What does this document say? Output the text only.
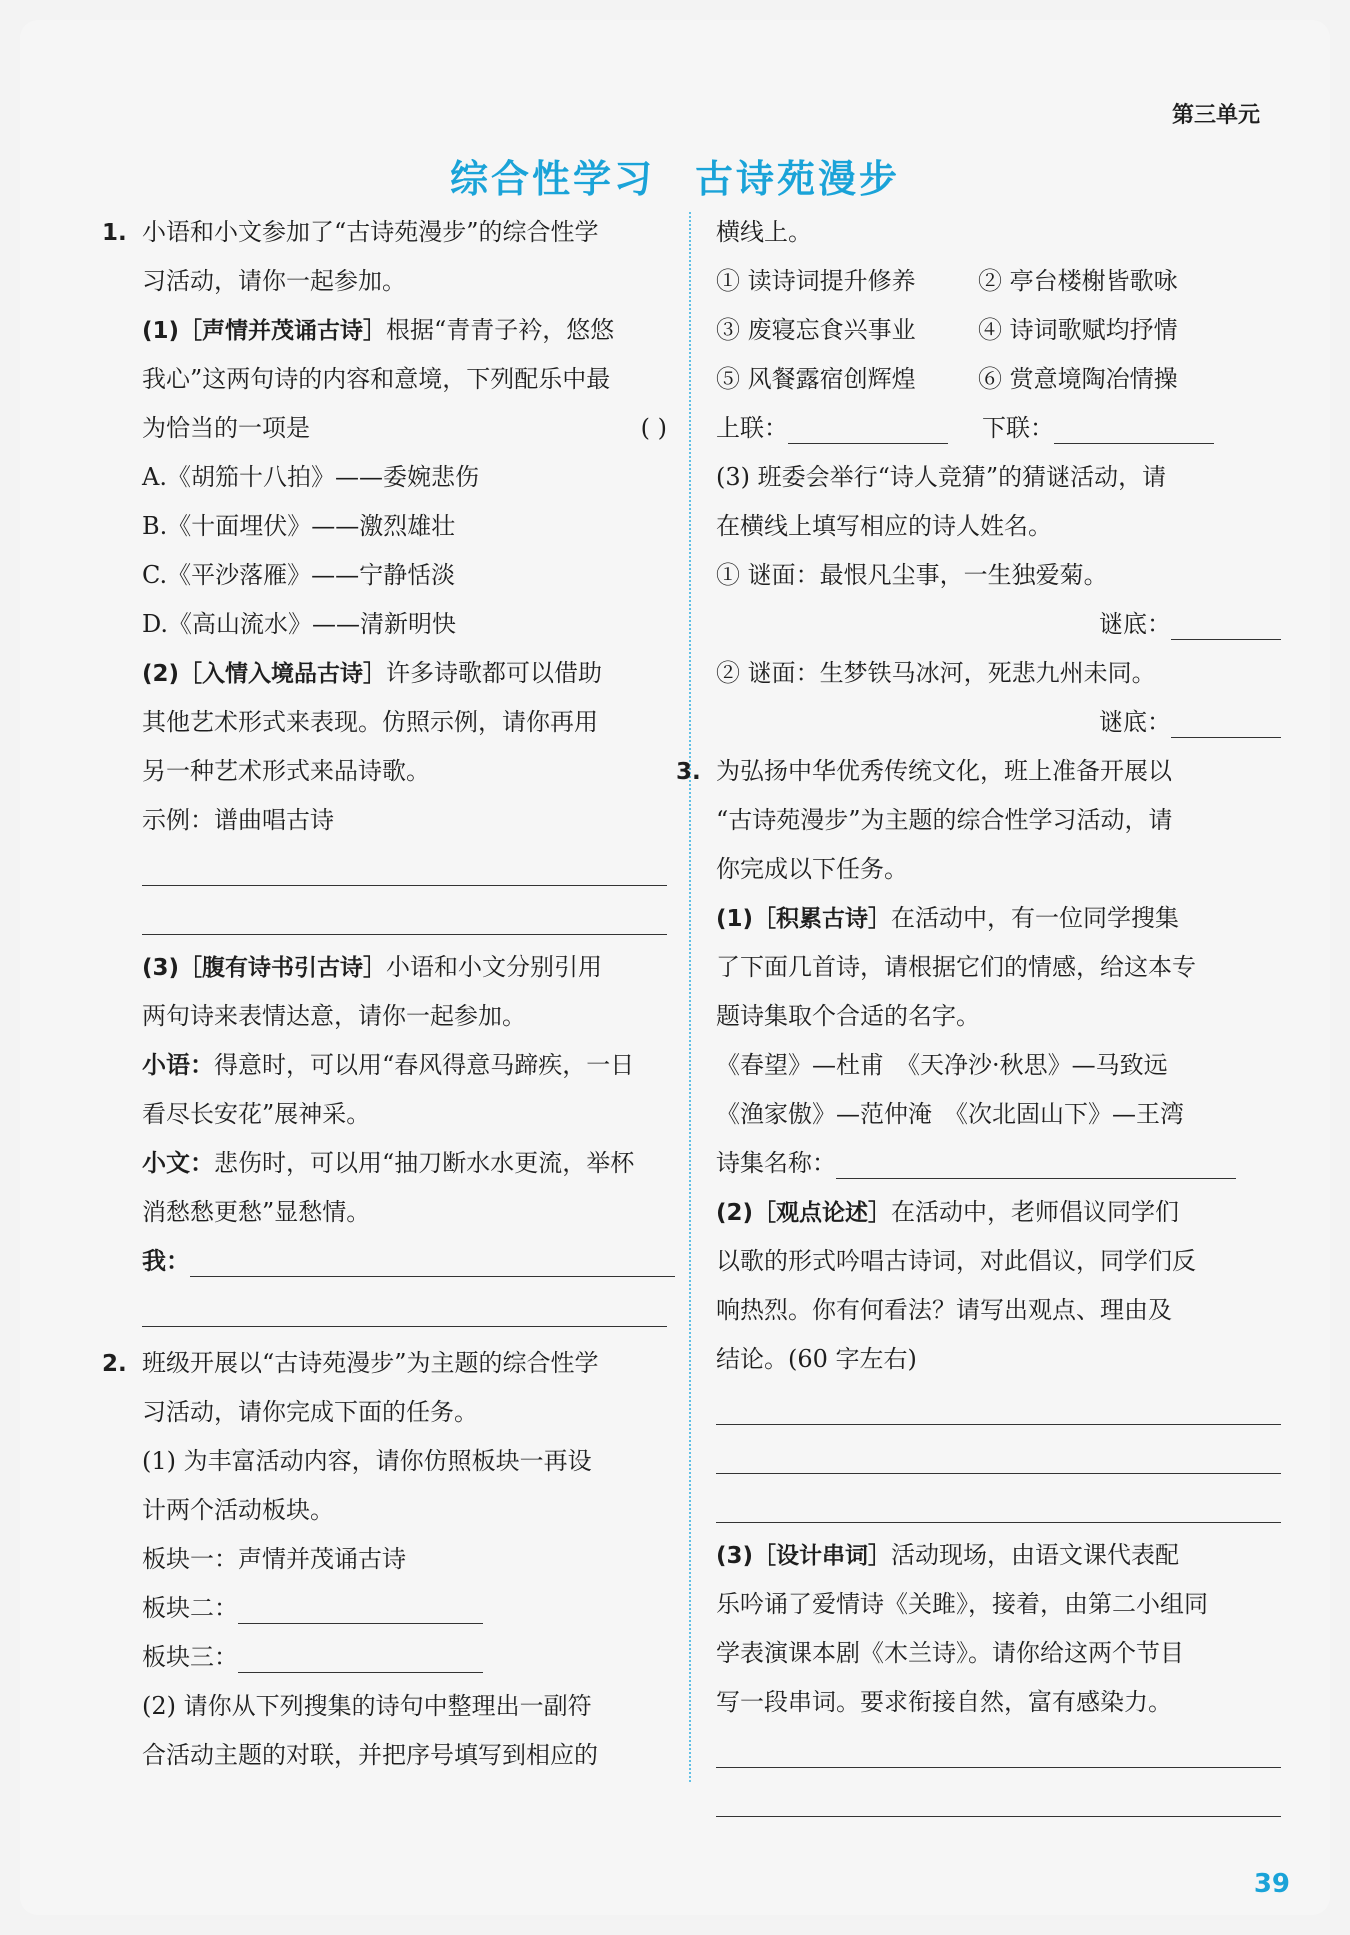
第三单元
综合性学习 古诗苑漫步
1. 小语和小文参加了“古诗苑漫步”的综合性学
习活动，请你一起参加。
(1)［声情并茂诵古诗］根据“青青子衿，悠悠
我心”这两句诗的内容和意境，下列配乐中最
为恰当的一项是	( )
A.《胡笳十八拍》——委婉悲伤
B.《十面埋伏》——激烈雄壮
C.《平沙落雁》——宁静恬淡
D.《高山流水》——清新明快
(2)［入情入境品古诗］许多诗歌都可以借助
其他艺术形式来表现。仿照示例，请你再用
另一种艺术形式来品诗歌。
示例：谱曲唱古诗
(3)［腹有诗书引古诗］小语和小文分别引用
两句诗来表情达意，请你一起参加。
小语：得意时，可以用“春风得意马蹄疾，一日
看尽长安花”展神采。
小文：悲伤时，可以用“抽刀断水水更流，举杯
消愁愁更愁”显愁情。
我：
2. 班级开展以“古诗苑漫步”为主题的综合性学
习活动，请你完成下面的任务。
(1) 为丰富活动内容，请你仿照板块一再设
计两个活动板块。
板块一：声情并茂诵古诗
板块二：
板块三：
(2) 请你从下列搜集的诗句中整理出一副符
合活动主题的对联，并把序号填写到相应的
横线上。
① 读诗词提升修养	② 亭台楼榭皆歌咏
③ 废寝忘食兴事业	④ 诗词歌赋均抒情
⑤ 风餐露宿创辉煌	⑥ 赏意境陶冶情操
上联：	下联：
(3) 班委会举行“诗人竞猜”的猜谜活动，请
在横线上填写相应的诗人姓名。
① 谜面：最恨凡尘事，一生独爱菊。
谜底：
② 谜面：生梦铁马冰河，死悲九州未同。
谜底：
3. 为弘扬中华优秀传统文化，班上准备开展以
“古诗苑漫步”为主题的综合性学习活动，请
你完成以下任务。
(1)［积累古诗］在活动中，有一位同学搜集
了下面几首诗，请根据它们的情感，给这本专
题诗集取个合适的名字。
《春望》—杜甫　《天净沙·秋思》—马致远
《渔家傲》—范仲淹　《次北固山下》—王湾
诗集名称：
(2)［观点论述］在活动中，老师倡议同学们
以歌的形式吟唱古诗词，对此倡议，同学们反
响热烈。你有何看法？请写出观点、理由及
结论。(60 字左右)
(3)［设计串词］活动现场，由语文课代表配
乐吟诵了爱情诗《关雎》，接着，由第二小组同
学表演课本剧《木兰诗》。请你给这两个节目
写一段串词。要求衔接自然，富有感染力。
39
